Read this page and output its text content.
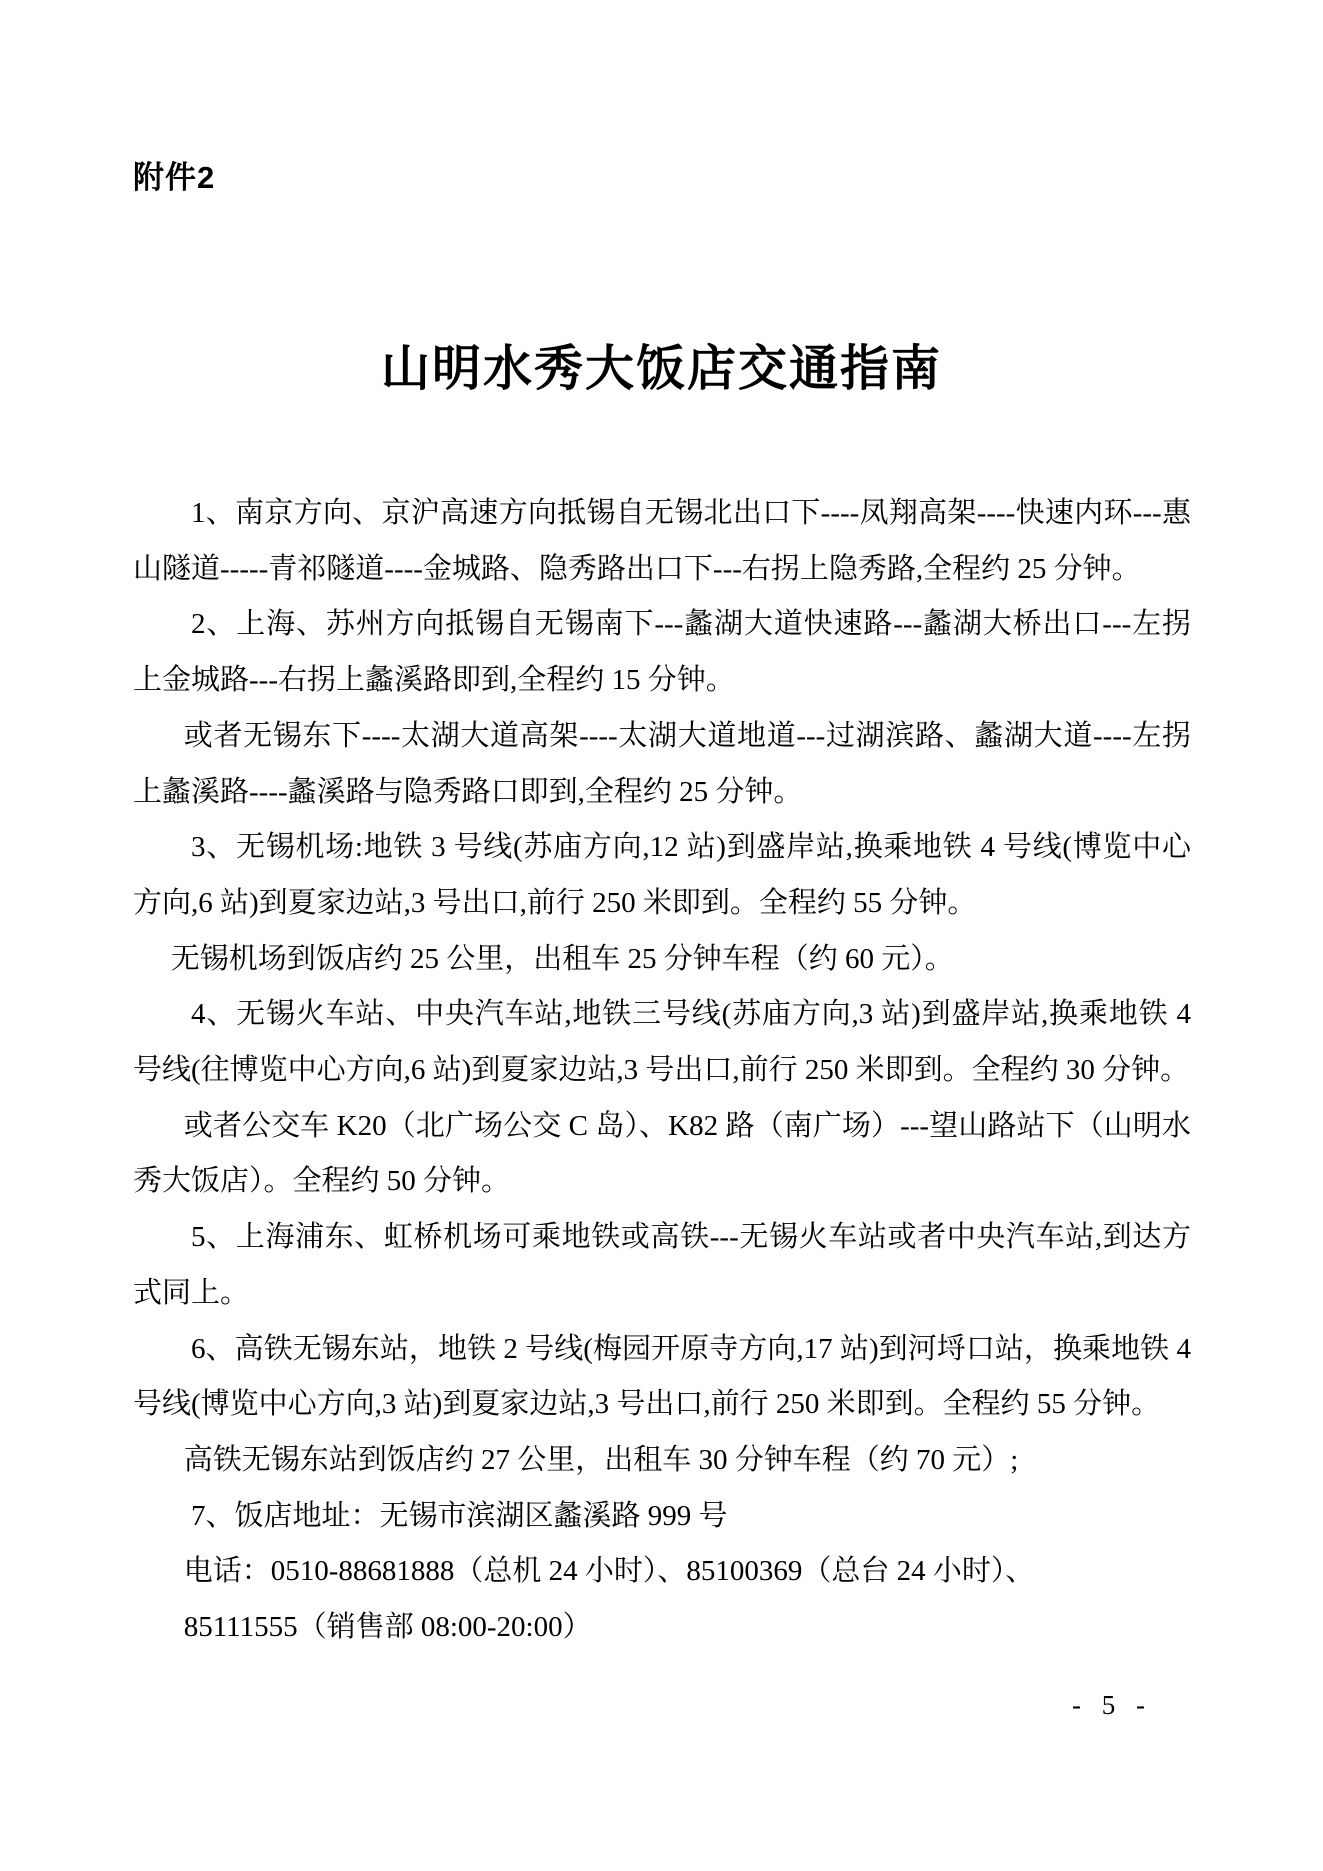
附件2
山明水秀大饭店交通指南

1、南京方向、京沪高速方向抵锡自无锡北出口下----凤翔高架----快速内环---惠山隧道-----青祁隧道----金城路、隐秀路出口下---右拐上隐秀路,全程约 25 分钟。

2、上海、苏州方向抵锡自无锡南下---蠡湖大道快速路---蠡湖大桥出口---左拐上金城路---右拐上蠡溪路即到,全程约 15 分钟。

或者无锡东下----太湖大道高架----太湖大道地道---过湖滨路、蠡湖大道----左拐上蠡溪路----蠡溪路与隐秀路口即到,全程约 25 分钟。

3、无锡机场:地铁 3 号线(苏庙方向,12 站)到盛岸站,换乘地铁 4 号线(博览中心方向,6 站)到夏家边站,3 号出口,前行 250 米即到。全程约 55 分钟。

无锡机场到饭店约 25 公里，出租车 25 分钟车程（约 60 元）。

4、无锡火车站、中央汽车站,地铁三号线(苏庙方向,3 站)到盛岸站,换乘地铁 4 号线(往博览中心方向,6 站)到夏家边站,3 号出口,前行 250 米即到。全程约 30 分钟。

或者公交车 K20（北广场公交 C 岛）、K82 路（南广场）---望山路站下（山明水秀大饭店）。全程约 50 分钟。

5、上海浦东、虹桥机场可乘地铁或高铁---无锡火车站或者中央汽车站,到达方式同上。

6、高铁无锡东站，地铁 2 号线(梅园开原寺方向,17 站)到河埒口站，换乘地铁 4 号线(博览中心方向,3 站)到夏家边站,3 号出口,前行 250 米即到。全程约 55 分钟。

高铁无锡东站到饭店约 27 公里，出租车 30 分钟车程（约 70 元）;

7、饭店地址：无锡市滨湖区蠡溪路 999 号

电话：0510-88681888（总机 24 小时）、85100369（总台 24 小时）、

85111555（销售部 08:00-20:00）

- 5 -
